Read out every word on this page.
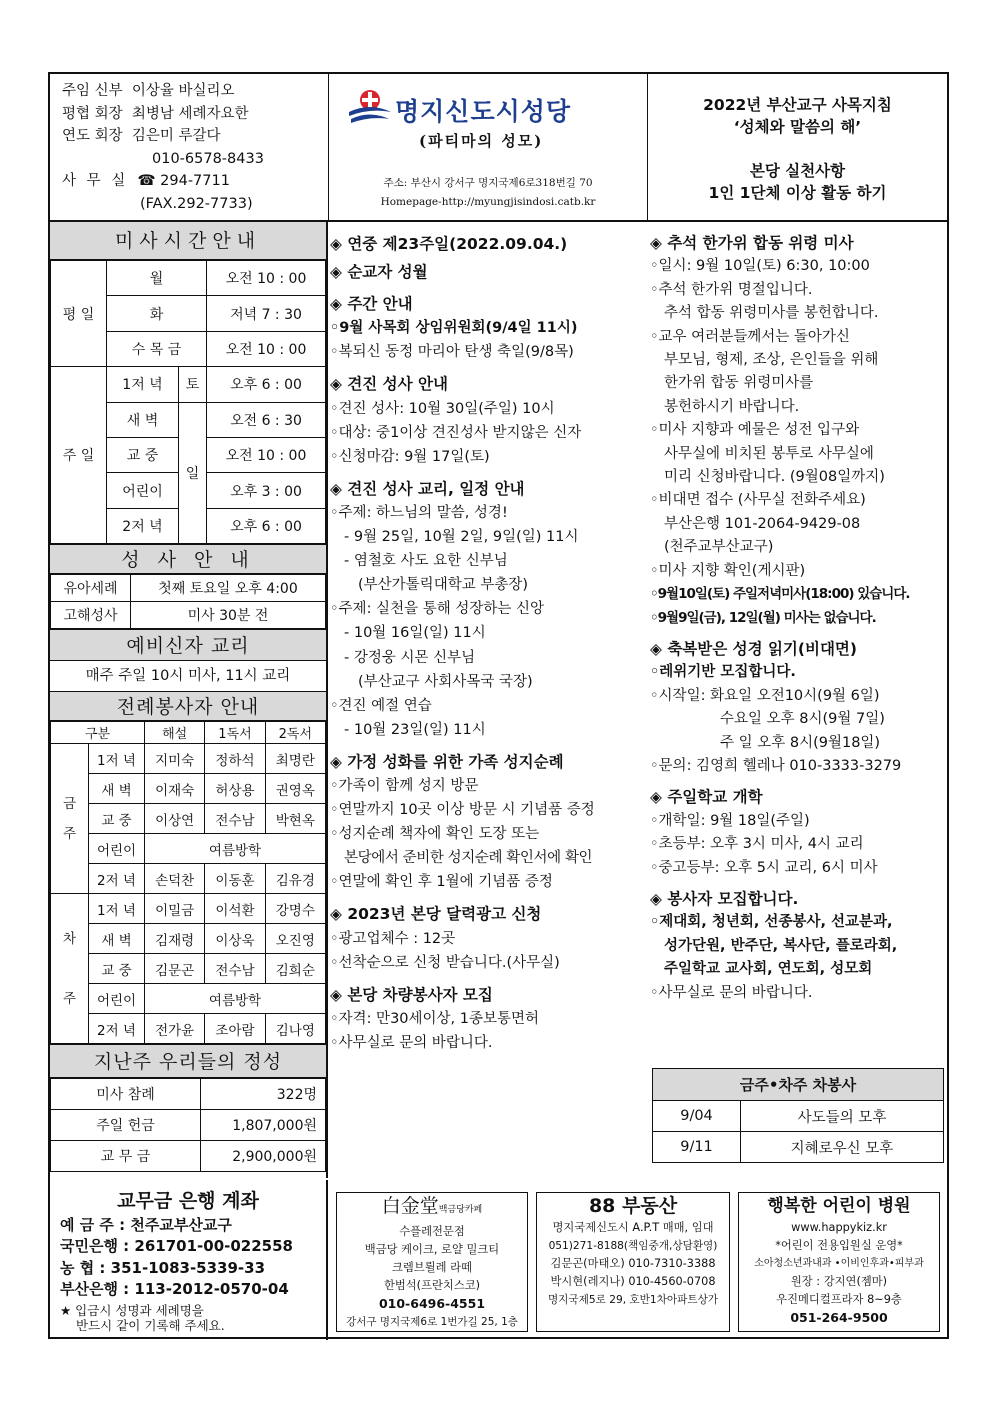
주임 신부 이상율 바실리오
평협 회장 최병남 세례자요한
연도 회장 김은미 루갈다
010-6578-8433
사 무 실 ☎ 294-7711
(FAX.292-7733)
명지신도시성당
(파티마의 성모)
주소: 부산시 강서구 명지국제6로318번길 70
Homepage-http://myungjisindosi.catb.kr
2022년 부산교구 사목지침
‘성체와 말씀의 해’
본당 실천사항
1인 1단체 이상 활동 하기
미사시간안내
평 일	월		오전 10 : 00
	화		저녁 7 : 30
	수 목 금		오전 10 : 00
주 일	1저 녁	토	오후 6 : 00
	새 벽	일	오전 6 : 30
	교 중		오전 10 : 00
	어린이		오후 3 : 00
	2저 녁		오후 6 : 00
성 사 안 내
유아세례	첫째 토요일 오후 4:00
고해성사	미사 30분 전
예비신자 교리
매주 주일 10시 미사, 11시 교리
전례봉사자 안내
구분		해설	1독서	2독서
금
주	1저 녁	지미숙	정하석	최명란
	새 벽	이재숙	허상용	권영옥
	교 중	이상연	전수남	박현옥
	어린이	여름방학		
	2저 녁	손덕찬	이동훈	김유경
차

주	1저 녁	이밀금	이석환	강명수
	새 벽	김재령	이상욱	오진영
	교 중	김문곤	전수남	김희순
	어린이	여름방학		
	2저 녁	전가윤	조아람	김나영
지난주 우리들의 정성
미사 참례	322명
주일 헌금	1,807,000원
교 무 금	2,900,000원
교무금 은행 계좌
예 금 주 : 천주교부산교구
국민은행 : 261701-00-022558
농 협 : 351-1083-5339-33
부산은행 : 113-2012-0570-04
★ 입금시 성명과 세례명을
반드시 같이 기록해 주세요.
◈ 연중 제23주일(2022.09.04.)
◈ 순교자 성월
◈ 주간 안내
◦9월 사목회 상임위원회(9/4일 11시)
◦복되신 동정 마리아 탄생 축일(9/8목)
◈ 견진 성사 안내
◦견진 성사: 10월 30일(주일) 10시
◦대상: 중1이상 견진성사 받지않은 신자
◦신청마감: 9월 17일(토)
◈ 견진 성사 교리, 일정 안내
◦주제: 하느님의 말씀, 성경!
- 9월 25일, 10월 2일, 9일(일) 11시
- 염철호 사도 요한 신부님
(부산가톨릭대학교 부총장)
◦주제: 실천을 통해 성장하는 신앙
- 10월 16일(일) 11시
- 강정웅 시몬 신부님
(부산교구 사회사목국 국장)
◦견진 예절 연습
- 10월 23일(일) 11시
◈ 가정 성화를 위한 가족 성지순례
◦가족이 함께 성지 방문
◦연말까지 10곳 이상 방문 시 기념품 증정
◦성지순례 책자에 확인 도장 또는
본당에서 준비한 성지순례 확인서에 확인
◦연말에 확인 후 1월에 기념품 증정
◈ 2023년 본당 달력광고 신청
◦광고업체수 : 12곳
◦선착순으로 신청 받습니다.(사무실)
◈ 본당 차량봉사자 모집
◦자격: 만30세이상, 1종보통면허
◦사무실로 문의 바랍니다.
◈ 추석 한가위 합동 위령 미사
◦일시: 9월 10일(토) 6:30, 10:00
◦추석 한가위 명절입니다.
추석 합동 위령미사를 봉헌합니다.
◦교우 여러분들께서는 돌아가신
부모님, 형제, 조상, 은인들을 위해
한가위 합동 위령미사를
봉헌하시기 바랍니다.
◦미사 지향과 예물은 성전 입구와
사무실에 비치된 봉투로 사무실에
미리 신청바랍니다. (9월08일까지)
◦비대면 접수 (사무실 전화주세요)
부산은행 101-2064-9429-08
(천주교부산교구)
◦미사 지향 확인(게시판)
◦9월10일(토) 주일저녁미사(18:00) 있습니다.
◦9월9일(금), 12일(월) 미사는 없습니다.
◈ 축복받은 성경 읽기(비대면)
◦레위기반 모집합니다.
◦시작일: 화요일 오전10시(9월 6일)
수요일 오후 8시(9월 7일)
주 일 오후 8시(9월18일)
◦문의: 김영희 헬레나 010-3333-3279
◈ 주일학교 개학
◦개학일: 9월 18일(주일)
◦초등부: 오후 3시 미사, 4시 교리
◦중고등부: 오후 5시 교리, 6시 미사
◈ 봉사자 모집합니다.
◦제대회, 청년회, 선종봉사, 선교분과,
성가단원, 반주단, 복사단, 플로라회,
주일학교 교사회, 연도회, 성모회
◦사무실로 문의 바랍니다.
금주•차주 차봉사	
9/04	사도들의 모후
9/11	지혜로우신 모후
白金堂백금당카페
수플레전문점
백금당 케이크, 로얄 밀크티
크렘브륄레 라떼
한범석(프란치스코)
010-6496-4551
강서구 명지국제6로 1번가길 25, 1층
88 부동산
명지국제신도시 A.P.T 매매, 임대
051)271-8188(책임중개,상담환영)
김문곤(마태오) 010-7310-3388
박시현(레지나) 010-4560-0708
명지국제5로 29, 호반1차아파트상가
행복한 어린이 병원
www.happykiz.kr
*어린이 전용입원실 운영*
소아청소년과내과 •이비인후과•피부과
원장 : 강지연(젬마)
우진메디컬프라자 8~9층
051-264-9500
